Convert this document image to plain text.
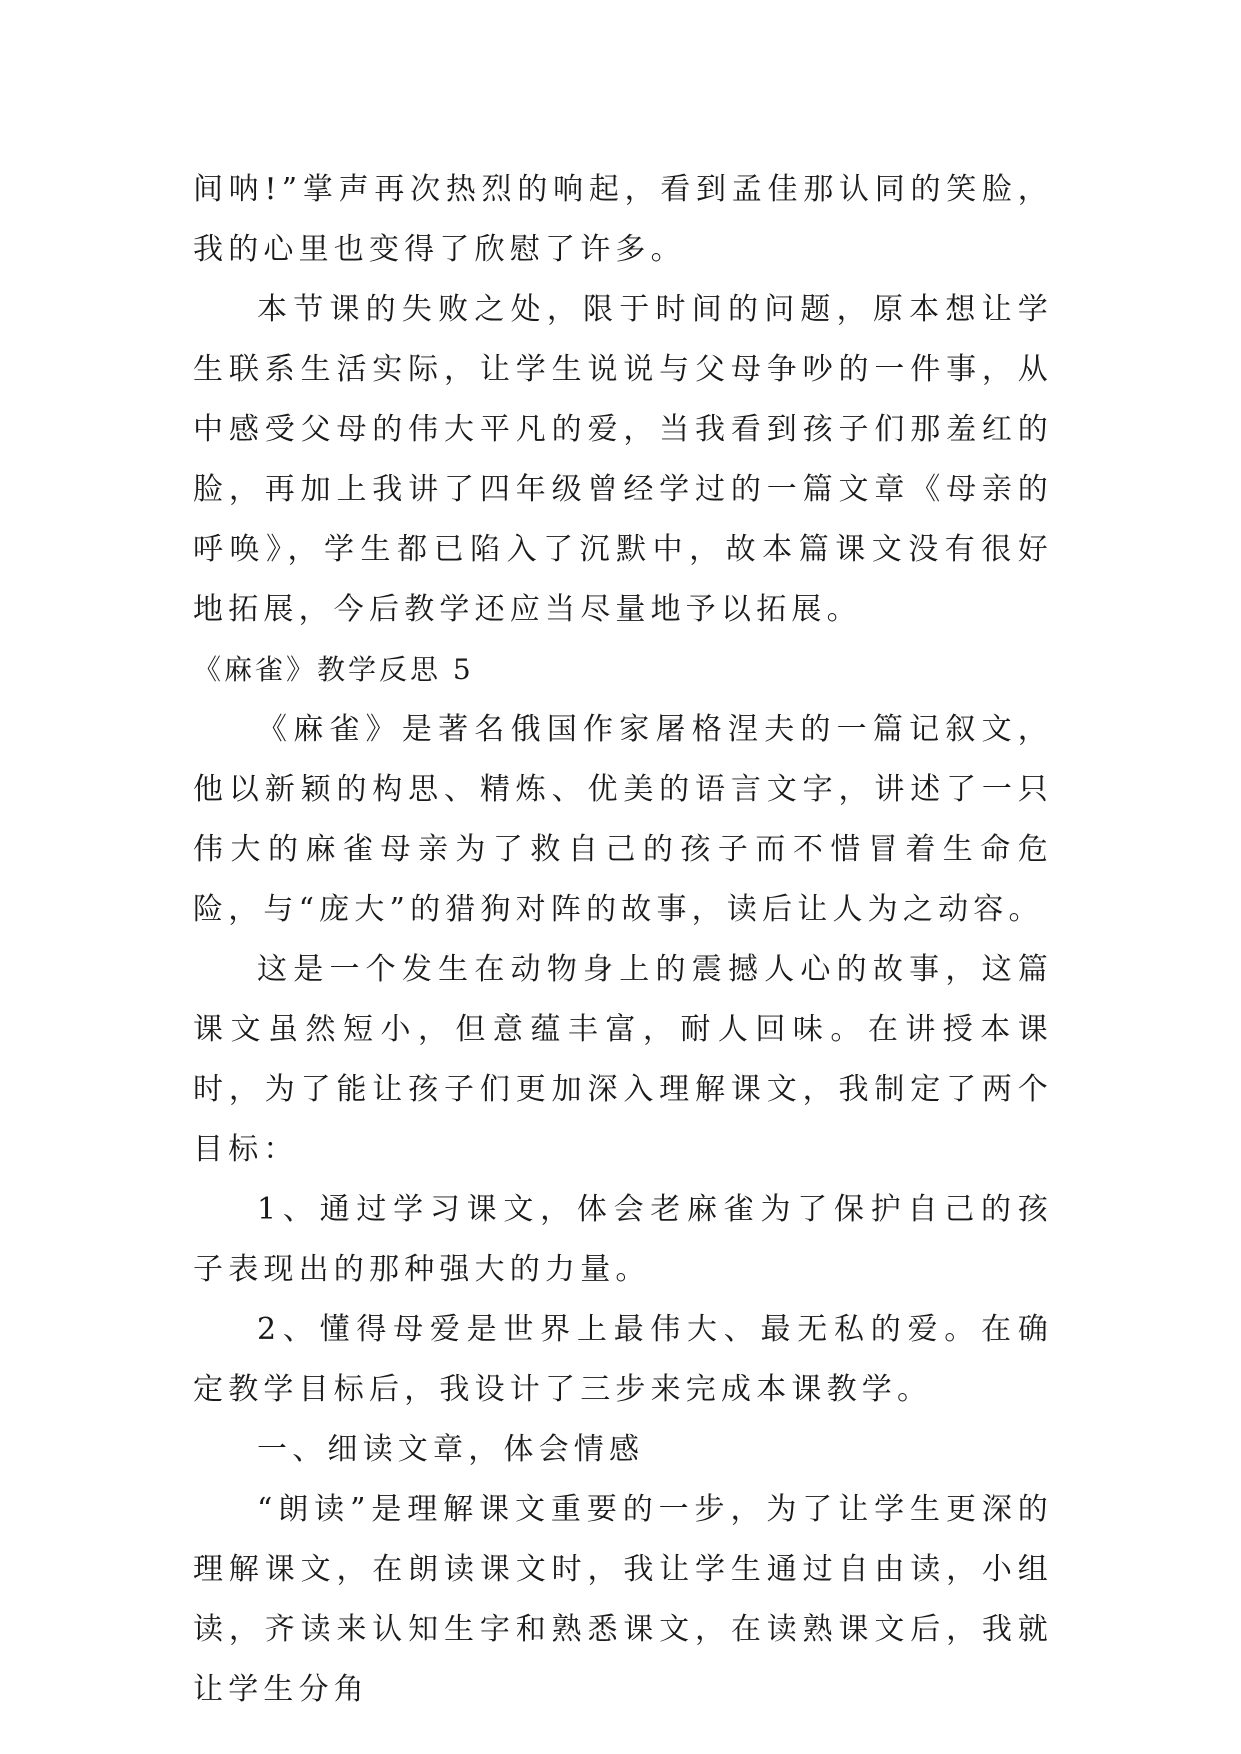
间呐!”掌声再次热烈的响起，看到孟佳那认同的笑脸，我的心里也变得了欣慰了许多。

本节课的失败之处，限于时间的问题，原本想让学生联系生活实际，让学生说说与父母争吵的一件事，从中感受父母的伟大平凡的爱，当我看到孩子们那羞红的脸，再加上我讲了四年级曾经学过的一篇文章《母亲的呼唤》，学生都已陷入了沉默中，故本篇课文没有很好地拓展，今后教学还应当尽量地予以拓展。

《麻雀》教学反思 5

《麻雀》是著名俄国作家屠格涅夫的一篇记叙文，他以新颖的构思、精炼、优美的语言文字，讲述了一只伟大的麻雀母亲为了救自己的孩子而不惜冒着生命危险，与“庞大”的猎狗对阵的故事，读后让人为之动容。

这是一个发生在动物身上的震撼人心的故事，这篇课文虽然短小，但意蕴丰富，耐人回味。在讲授本课时，为了能让孩子们更加深入理解课文，我制定了两个目标：

1、通过学习课文，体会老麻雀为了保护自己的孩子表现出的那种强大的力量。

2、懂得母爱是世界上最伟大、最无私的爱。在确定教学目标后，我设计了三步来完成本课教学。

一、细读文章，体会情感

“朗读”是理解课文重要的一步，为了让学生更深的理解课文，在朗读课文时，我让学生通过自由读，小组读，齐读来认知生字和熟悉课文，在读熟课文后，我就让学生分角
